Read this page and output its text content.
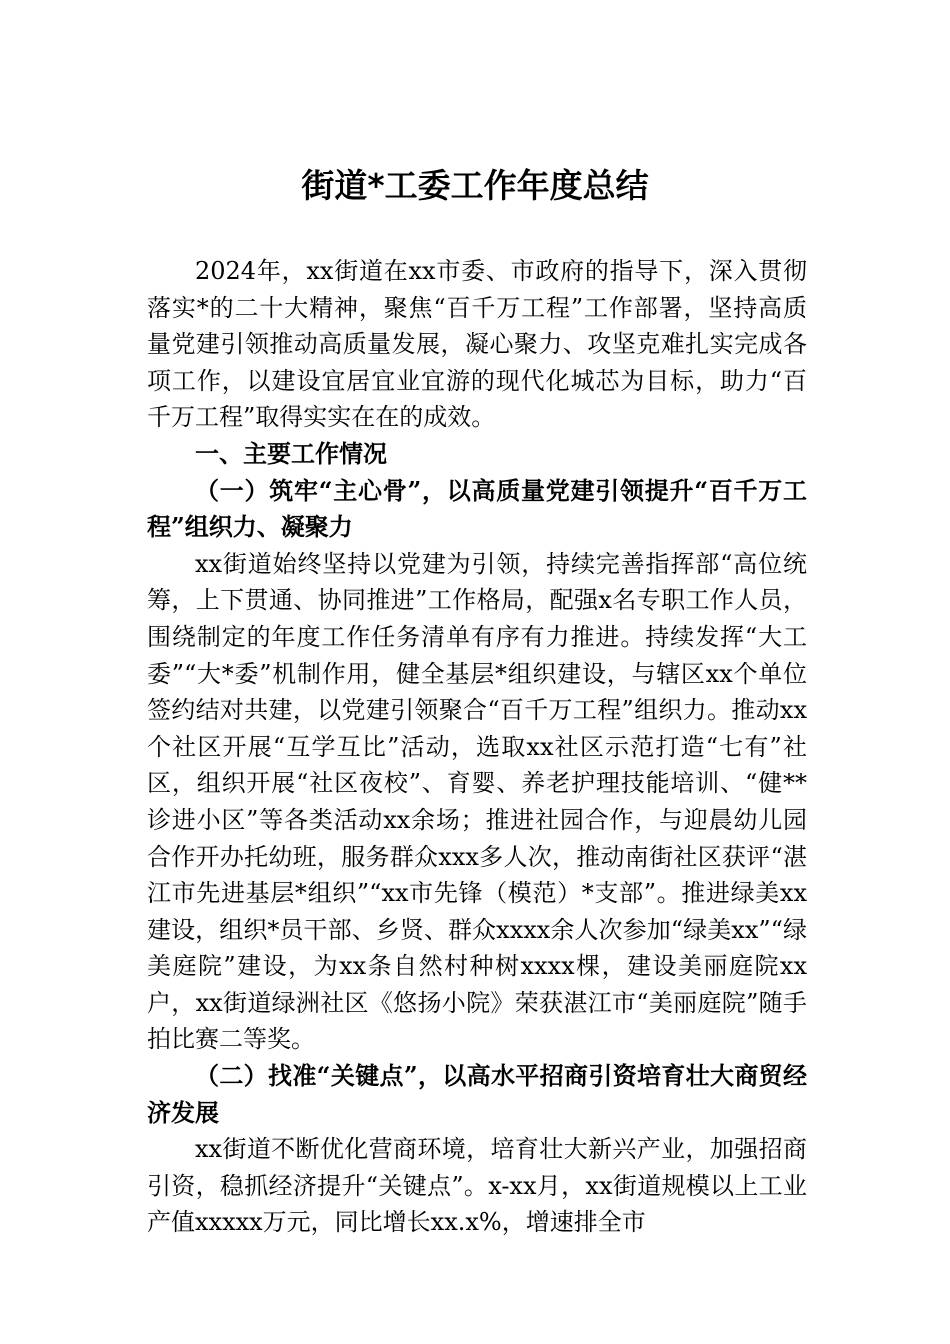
街道*工委工作年度总结

2024年，xx街道在xx市委、市政府的指导下，深入贯彻落实*的二十大精神，聚焦“百千万工程”工作部署，坚持高质量党建引领推动高质量发展，凝心聚力、攻坚克难扎实完成各项工作，以建设宜居宜业宜游的现代化城芯为目标，助力“百千万工程”取得实实在在的成效。

一、主要工作情况

（一）筑牢“主心骨”，以高质量党建引领提升“百千万工程”组织力、凝聚力

xx街道始终坚持以党建为引领，持续完善指挥部“高位统筹，上下贯通、协同推进”工作格局，配强x名专职工作人员，围绕制定的年度工作任务清单有序有力推进。持续发挥“大工委”“大*委”机制作用，健全基层*组织建设，与辖区xx个单位签约结对共建，以党建引领聚合“百千万工程”组织力。推动xx个社区开展“互学互比”活动，选取xx社区示范打造“七有”社区，组织开展“社区夜校”、育婴、养老护理技能培训、“健**诊进小区”等各类活动xx余场；推进社园合作，与迎晨幼儿园合作开办托幼班，服务群众xxx多人次，推动南街社区获评“湛江市先进基层*组织”“xx市先锋（模范）*支部”。推进绿美xx建设，组织*员干部、乡贤、群众xxxx余人次参加“绿美xx”“绿美庭院”建设，为xx条自然村种树xxxx棵，建设美丽庭院xx户，xx街道绿洲社区《悠扬小院》荣获湛江市“美丽庭院”随手拍比赛二等奖。

（二）找准“关键点”，以高水平招商引资培育壮大商贸经济发展

xx街道不断优化营商环境，培育壮大新兴产业，加强招商引资，稳抓经济提升“关键点”。x-xx月，xx街道规模以上工业产值xxxxx万元，同比增长xx.x%，增速排全市
